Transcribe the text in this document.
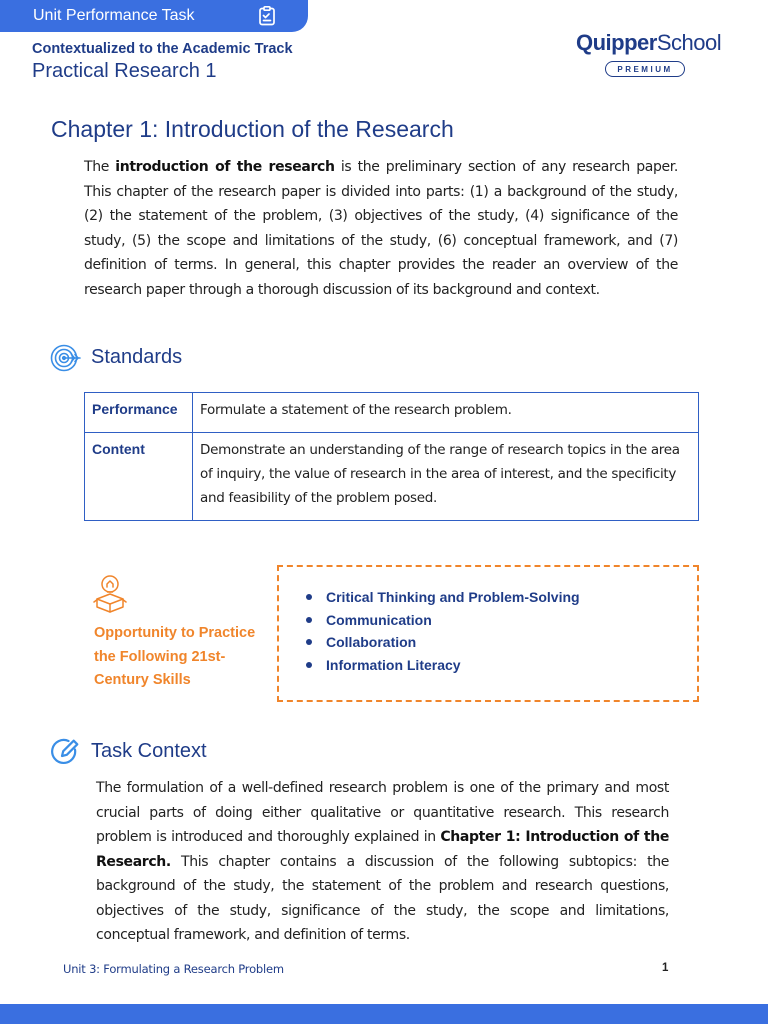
Unit Performance Task
Contextualized to the Academic Track
Practical Research 1
QuipperSchool
PREMIUM
Chapter 1: Introduction of the Research

The introduction of the research is the preliminary section of any research paper. This chapter of the research paper is divided into parts: (1) a background of the study, (2) the statement of the problem, (3) objectives of the study, (4) significance of the study, (5) the scope and limitations of the study, (6) conceptual framework, and (7) definition of terms. In general, this chapter provides the reader an overview of the research paper through a thorough discussion of its background and context.

Standards
Performance	Formulate a statement of the research problem.
Content	Demonstrate an understanding of the range of research topics in the area of inquiry, the value of research in the area of interest, and the specificity and feasibility of the problem posed.
Opportunity to Practice the Following 21st-Century Skills
Critical Thinking and Problem-Solving
Communication
Collaboration
Information Literacy
Task Context

The formulation of a well-defined research problem is one of the primary and most crucial parts of doing either qualitative or quantitative research. This research problem is introduced and thoroughly explained in Chapter 1: Introduction of the Research. This chapter contains a discussion of the following subtopics: the background of the study, the statement of the problem and research questions, objectives of the study, significance of the study, the scope and limitations, conceptual framework, and definition of terms.

Unit 3: Formulating a Research Problem	1
